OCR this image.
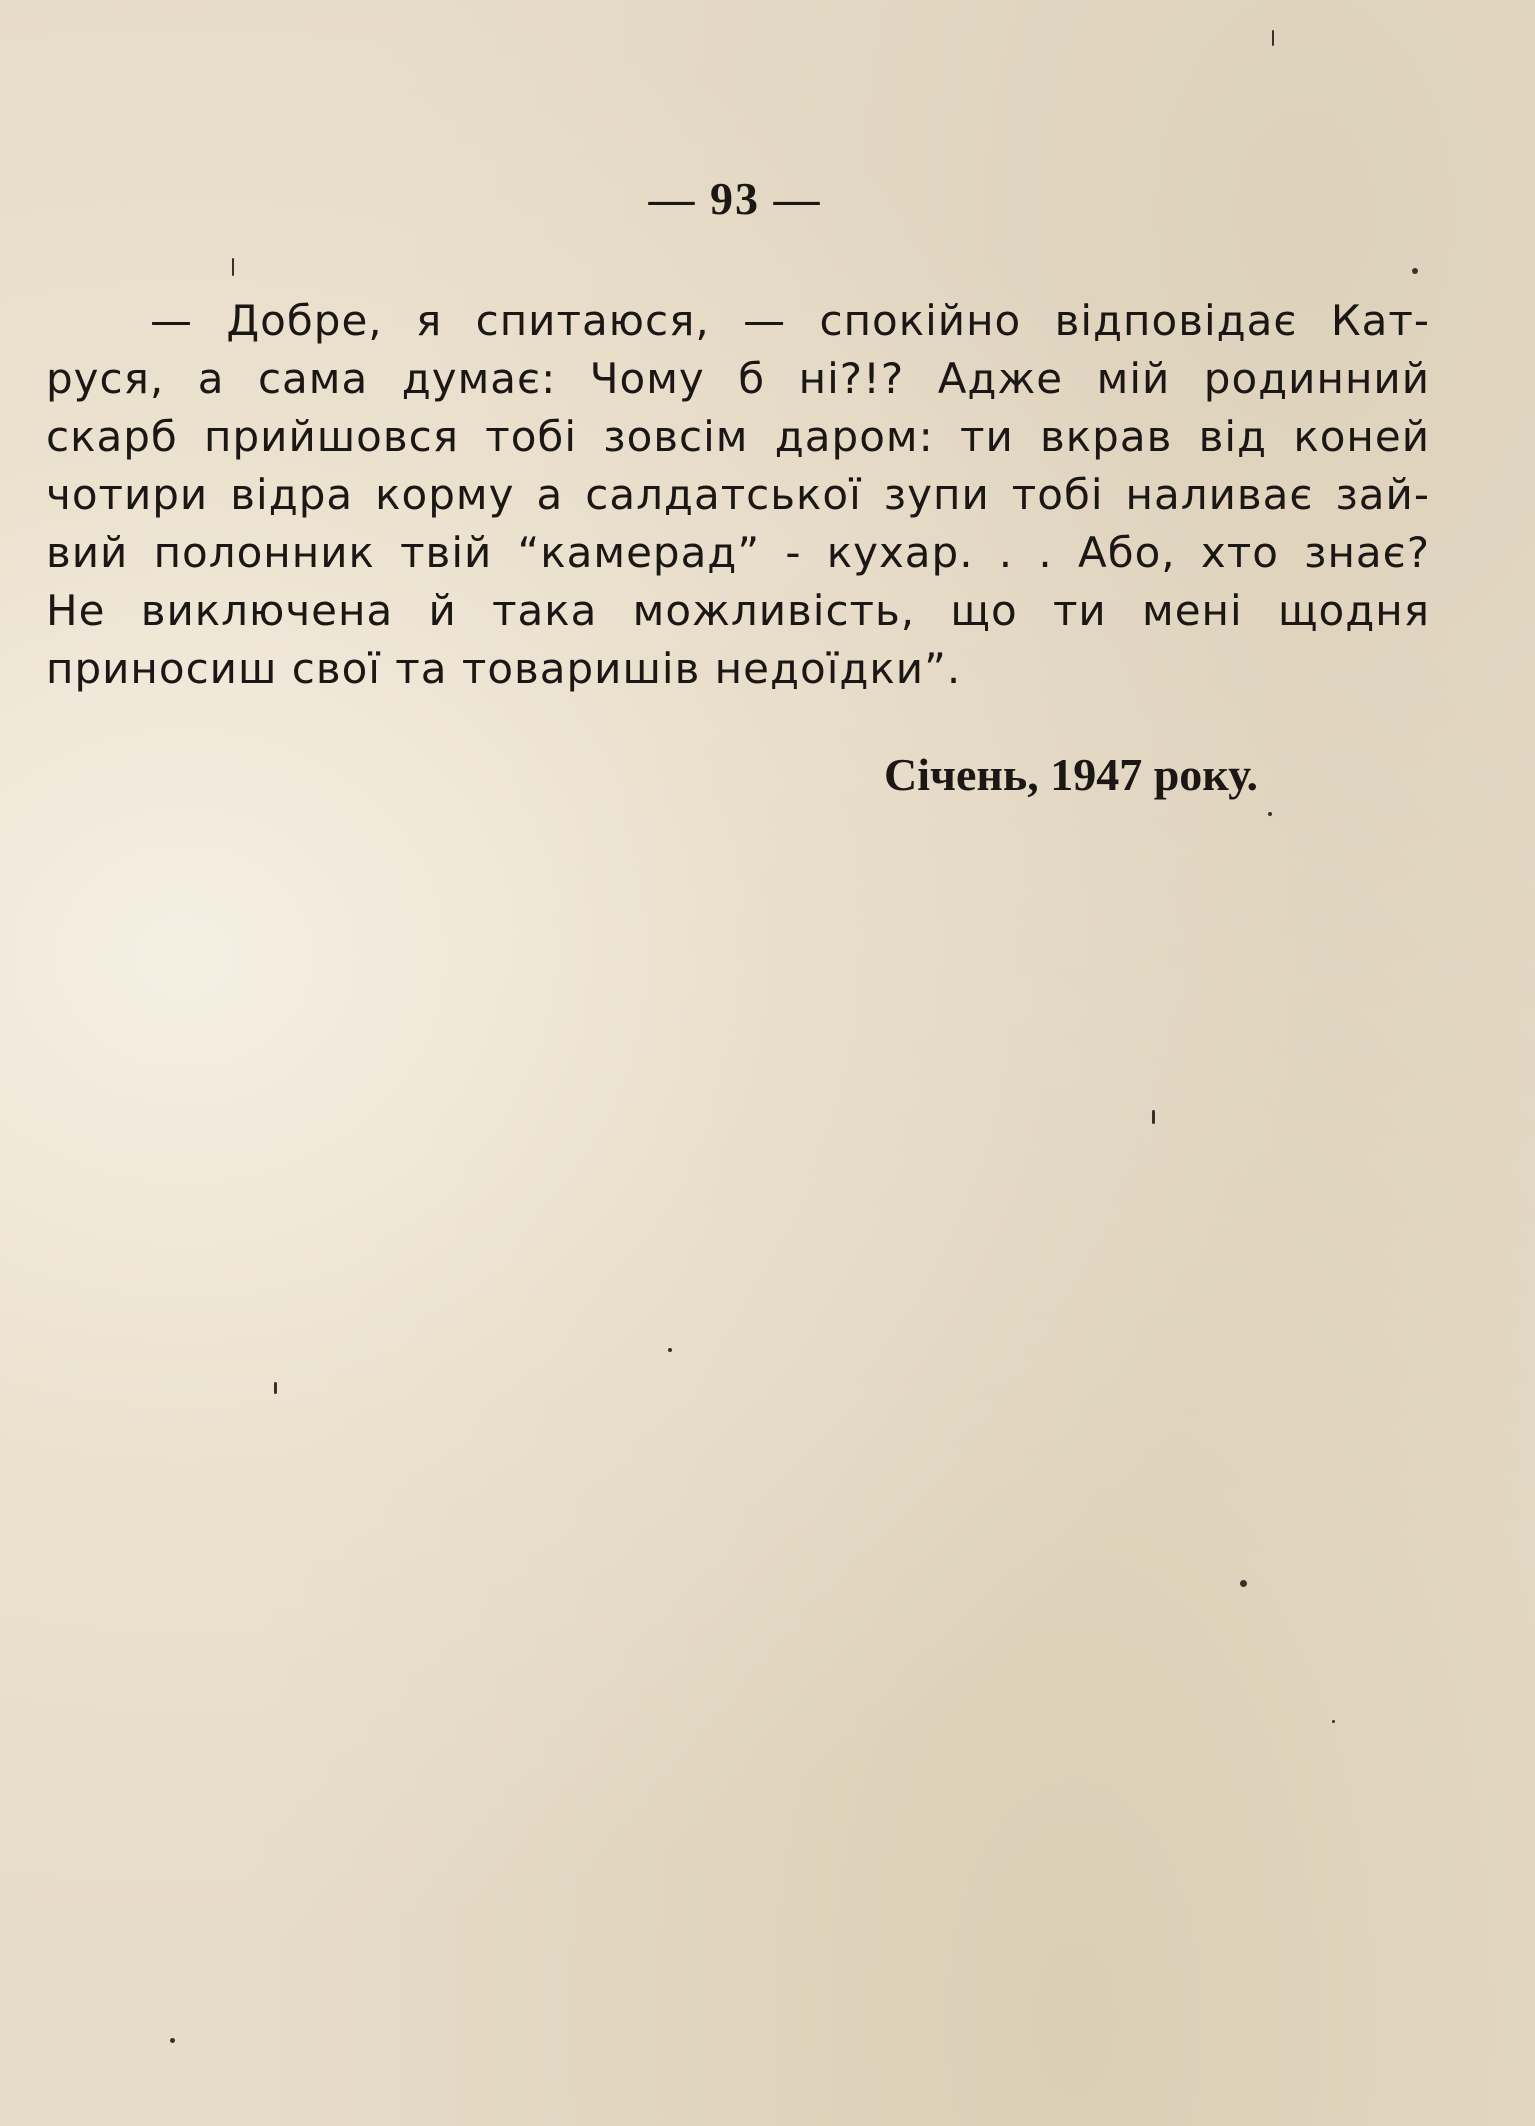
— 93 —
— Добре, я спитаюся, — спокійно відповідає Кат-
руся, а сама думає: Чому б ні?!? Адже мій родинний
скарб прийшовся тобі зовсім даром: ти вкрав від коней
чотири відра корму а салдатської зупи тобі наливає зай-
вий полонник твій “камерад” - кухар. . . Або, хто знає?
Не виключена й така можливість, що ти мені щодня
приносиш свої та товаришів недоїдки”.
Січень, 1947 року.
